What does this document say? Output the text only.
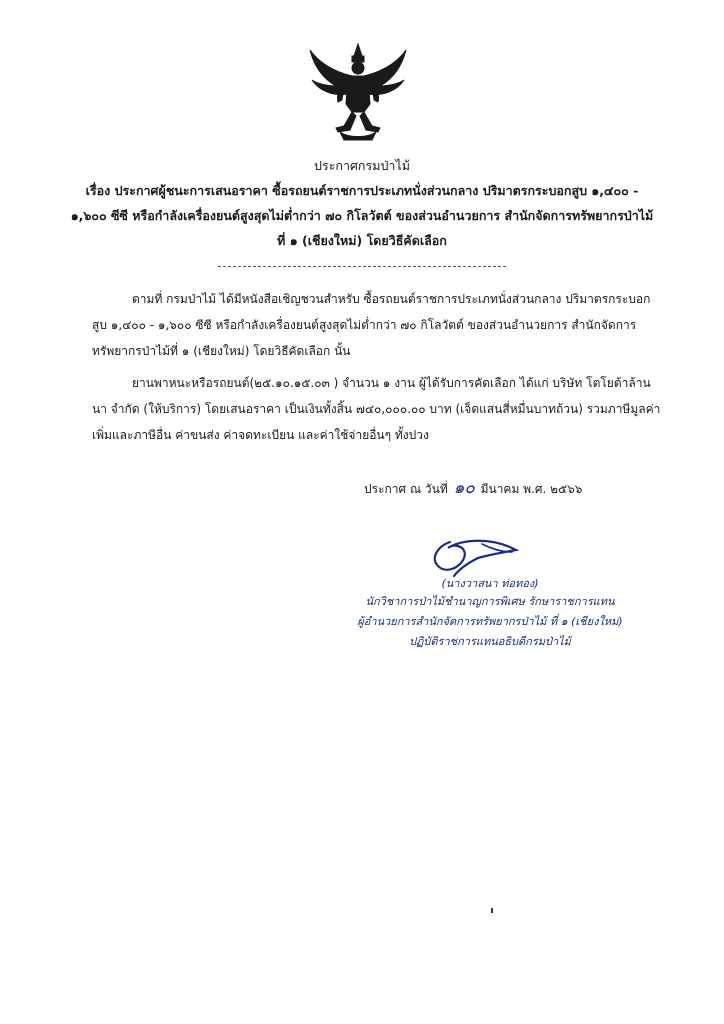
ประกาศกรมป่าไม้
เรื่อง ประกาศผู้ชนะการเสนอราคา ซื้อรถยนต์ราชการประเภทนั่งส่วนกลาง ปริมาตรกระบอกสูบ ๑,๔๐๐ -
๑,๖๐๐ ซีซี หรือกำลังเครื่องยนต์สูงสุดไม่ต่ำกว่า ๗๐ กิโลวัตต์ ของส่วนอำนวยการ สำนักจัดการทรัพยากรป่าไม้
ที่ ๑ (เชียงใหม่) โดยวิธีคัดเลือก
ตามที่ กรมป่าไม้ ได้มีหนังสือเชิญชวนสำหรับ ซื้อรถยนต์ราชการประเภทนั่งส่วนกลาง ปริมาตรกระบอก
สูบ ๑,๔๐๐ - ๑,๖๐๐ ซีซี หรือกำลังเครื่องยนต์สูงสุดไม่ต่ำกว่า ๗๐ กิโลวัตต์ ของส่วนอำนวยการ สำนักจัดการ
ทรัพยากรป่าไม้ที่ ๑ (เชียงใหม่) โดยวิธีคัดเลือก นั้น
ยานพาหนะหรือรถยนต์(๒๕.๑๐.๑๕.๐๓ ) จำนวน ๑ งาน ผู้ได้รับการคัดเลือก ได้แก่ บริษัท โตโยต้าล้าน
นา จำกัด (ให้บริการ) โดยเสนอราคา เป็นเงินทั้งสิ้น ๗๔๐,๐๐๐.๐๐ บาท (เจ็ดแสนสี่หมื่นบาทถ้วน) รวมภาษีมูลค่า
เพิ่มและภาษีอื่น ค่าขนส่ง ค่าจดทะเบียน และค่าใช้จ่ายอื่นๆ ทั้งปวง
ประกาศ ณ วันที่ ๑๐ มีนาคม พ.ศ. ๒๕๖๖
(นางวาสนา ท่อทอง)
นักวิชาการป่าไม้ชำนาญการพิเศษ รักษาราชการแทน
ผู้อำนวยการสำนักจัดการทรัพยากรป่าไม้ ที่ ๑ (เชียงใหม่)
ปฏิบัติราชการแทนอธิบดีกรมป่าไม้
